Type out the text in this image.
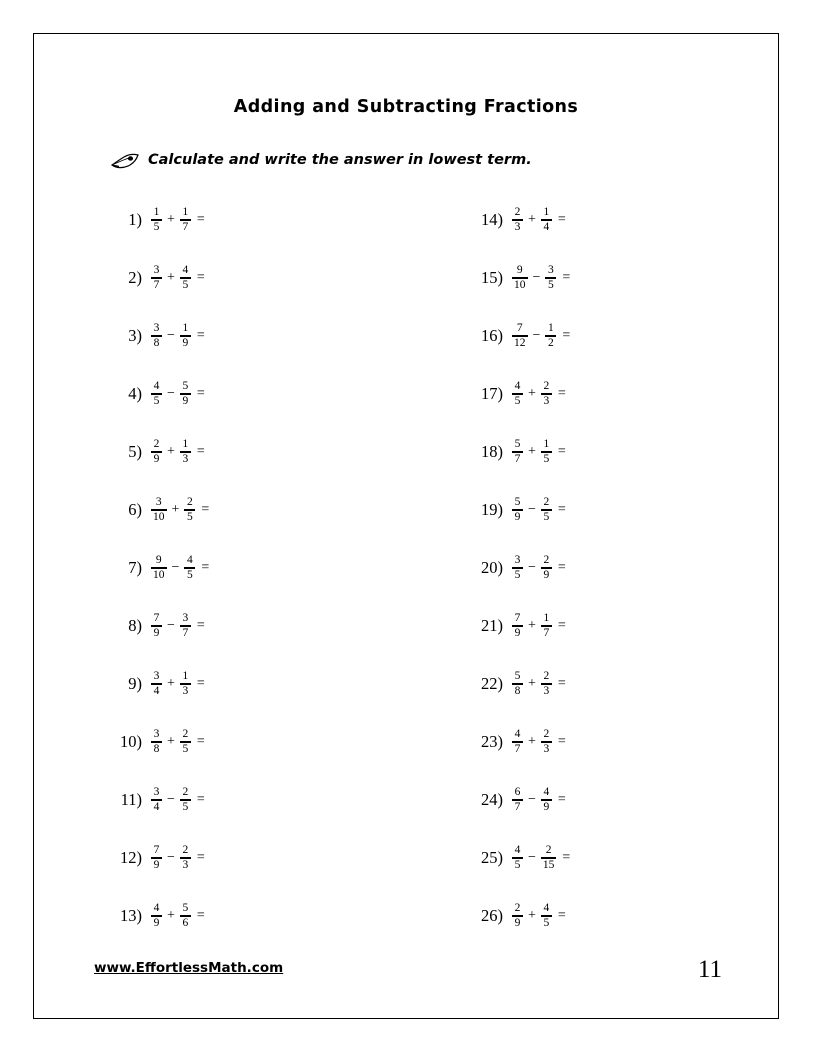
Adding and Subtracting Fractions
Calculate and write the answer in lowest term.
$1) \frac{1}{5} + \frac{1}{7}$ =
$2) \frac{3}{7} + \frac{4}{5}$ =
$3) \frac{3}{8} - \frac{1}{9}$ =
$4) \frac{4}{5} - \frac{5}{9}$ =
$5) \frac{2}{9} + \frac{1}{3}$ =
$6) \frac{3}{10} + \frac{2}{5}$ =
$7) \frac{9}{10} - \frac{4}{5}$ =
$8) \frac{7}{9} - \frac{3}{7}$ =
$9) \frac{3}{4} + \frac{1}{3}$ =
$10) \frac{3}{8} + \frac{2}{5}$ =
$11) \frac{3}{4} - \frac{2}{5}$ =
$12) \frac{7}{9} - \frac{2}{3}$ =
$13) \frac{4}{9} + \frac{5}{6}$ =
$14) \frac{2}{3} + \frac{1}{4}$ =
$15) \frac{9}{10} - \frac{3}{5}$ =
$16) \frac{7}{12} - \frac{1}{2}$ =
$17) \frac{4}{5} + \frac{2}{3}$ =
$18) \frac{5}{7} + \frac{1}{5}$ =
$19) \frac{5}{9} - \frac{2}{5}$ =
$20) \frac{3}{5} - \frac{2}{9}$ =
$21) \frac{7}{9} + \frac{1}{7}$ =
$22) \frac{5}{8} + \frac{2}{3}$ =
$23) \frac{4}{7} + \frac{2}{3}$ =
$24) \frac{6}{7} - \frac{4}{9}$ =
$25) \frac{4}{5} - \frac{2}{15}$ =
$26) \frac{2}{9} + \frac{4}{5}$ =
www.EffortlessMath.com	11
